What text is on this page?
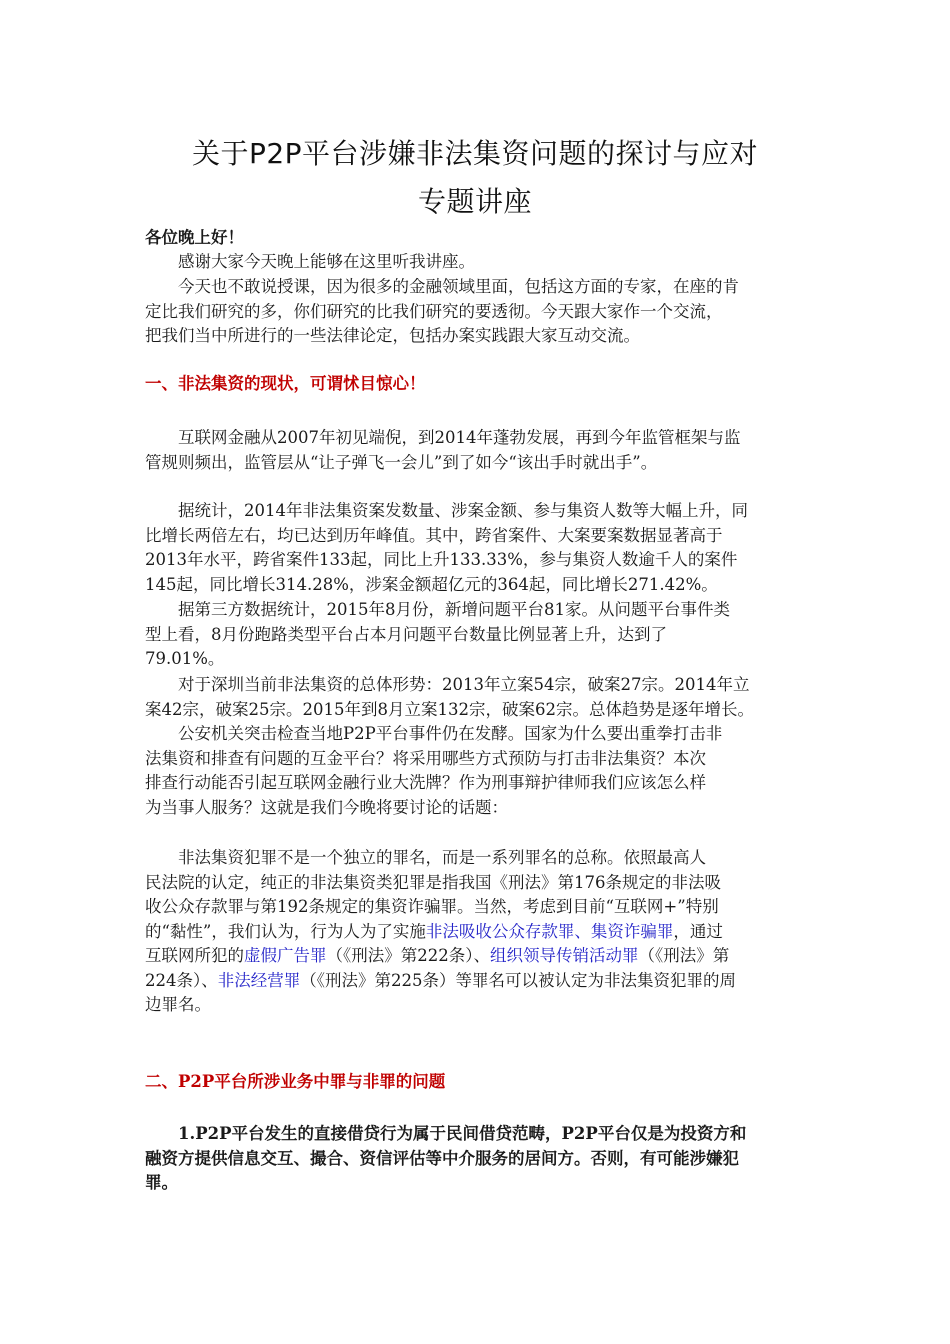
关于P2P平台涉嫌非法集资问题的探讨与应对
专题讲座
各位晚上好！
　　感谢大家今天晚上能够在这里听我讲座。
　　今天也不敢说授课，因为很多的金融领域里面，包括这方面的专家，在座的肯
定比我们研究的多，你们研究的比我们研究的要透彻。今天跟大家作一个交流，
把我们当中所进行的一些法律论定，包括办案实践跟大家互动交流。
一、非法集资的现状，可谓怵目惊心！
　　互联网金融从2007年初见端倪，到2014年蓬勃发展，再到今年监管框架与监
管规则频出，监管层从“让子弹飞一会儿”到了如今“该出手时就出手”。
　　据统计，2014年非法集资案发数量、涉案金额、参与集资人数等大幅上升，同
比增长两倍左右，均已达到历年峰值。其中，跨省案件、大案要案数据显著高于
2013年水平，跨省案件133起，同比上升133.33%，参与集资人数逾千人的案件
145起，同比增长314.28%，涉案金额超亿元的364起，同比增长271.42%。
　　据第三方数据统计，2015年8月份，新增问题平台81家。从问题平台事件类
型上看，8月份跑路类型平台占本月问题平台数量比例显著上升，达到了
79.01%。
　　对于深圳当前非法集资的总体形势：2013年立案54宗，破案27宗。2014年立
案42宗，破案25宗。2015年到8月立案132宗，破案62宗。总体趋势是逐年增长。
　　公安机关突击检查当地P2P平台事件仍在发酵。国家为什么要出重拳打击非
法集资和排查有问题的互金平台？将采用哪些方式预防与打击非法集资？本次
排查行动能否引起互联网金融行业大洗牌？作为刑事辩护律师我们应该怎么样
为当事人服务？这就是我们今晚将要讨论的话题：
　　非法集资犯罪不是一个独立的罪名，而是一系列罪名的总称。依照最高人
民法院的认定，纯正的非法集资类犯罪是指我国《刑法》第176条规定的非法吸
收公众存款罪与第192条规定的集资诈骗罪。当然，考虑到目前“互联网+”特别
的“黏性”，我们认为，行为人为了实施非法吸收公众存款罪、集资诈骗罪，通过
互联网所犯的虚假广告罪（《刑法》第222条）、组织领导传销活动罪（《刑法》第
224条）、非法经营罪（《刑法》第225条）等罪名可以被认定为非法集资犯罪的周
边罪名。
二、P2P平台所涉业务中罪与非罪的问题
　　1.P2P平台发生的直接借贷行为属于民间借贷范畴，P2P平台仅是为投资方和
融资方提供信息交互、撮合、资信评估等中介服务的居间方。否则，有可能涉嫌犯
罪。
